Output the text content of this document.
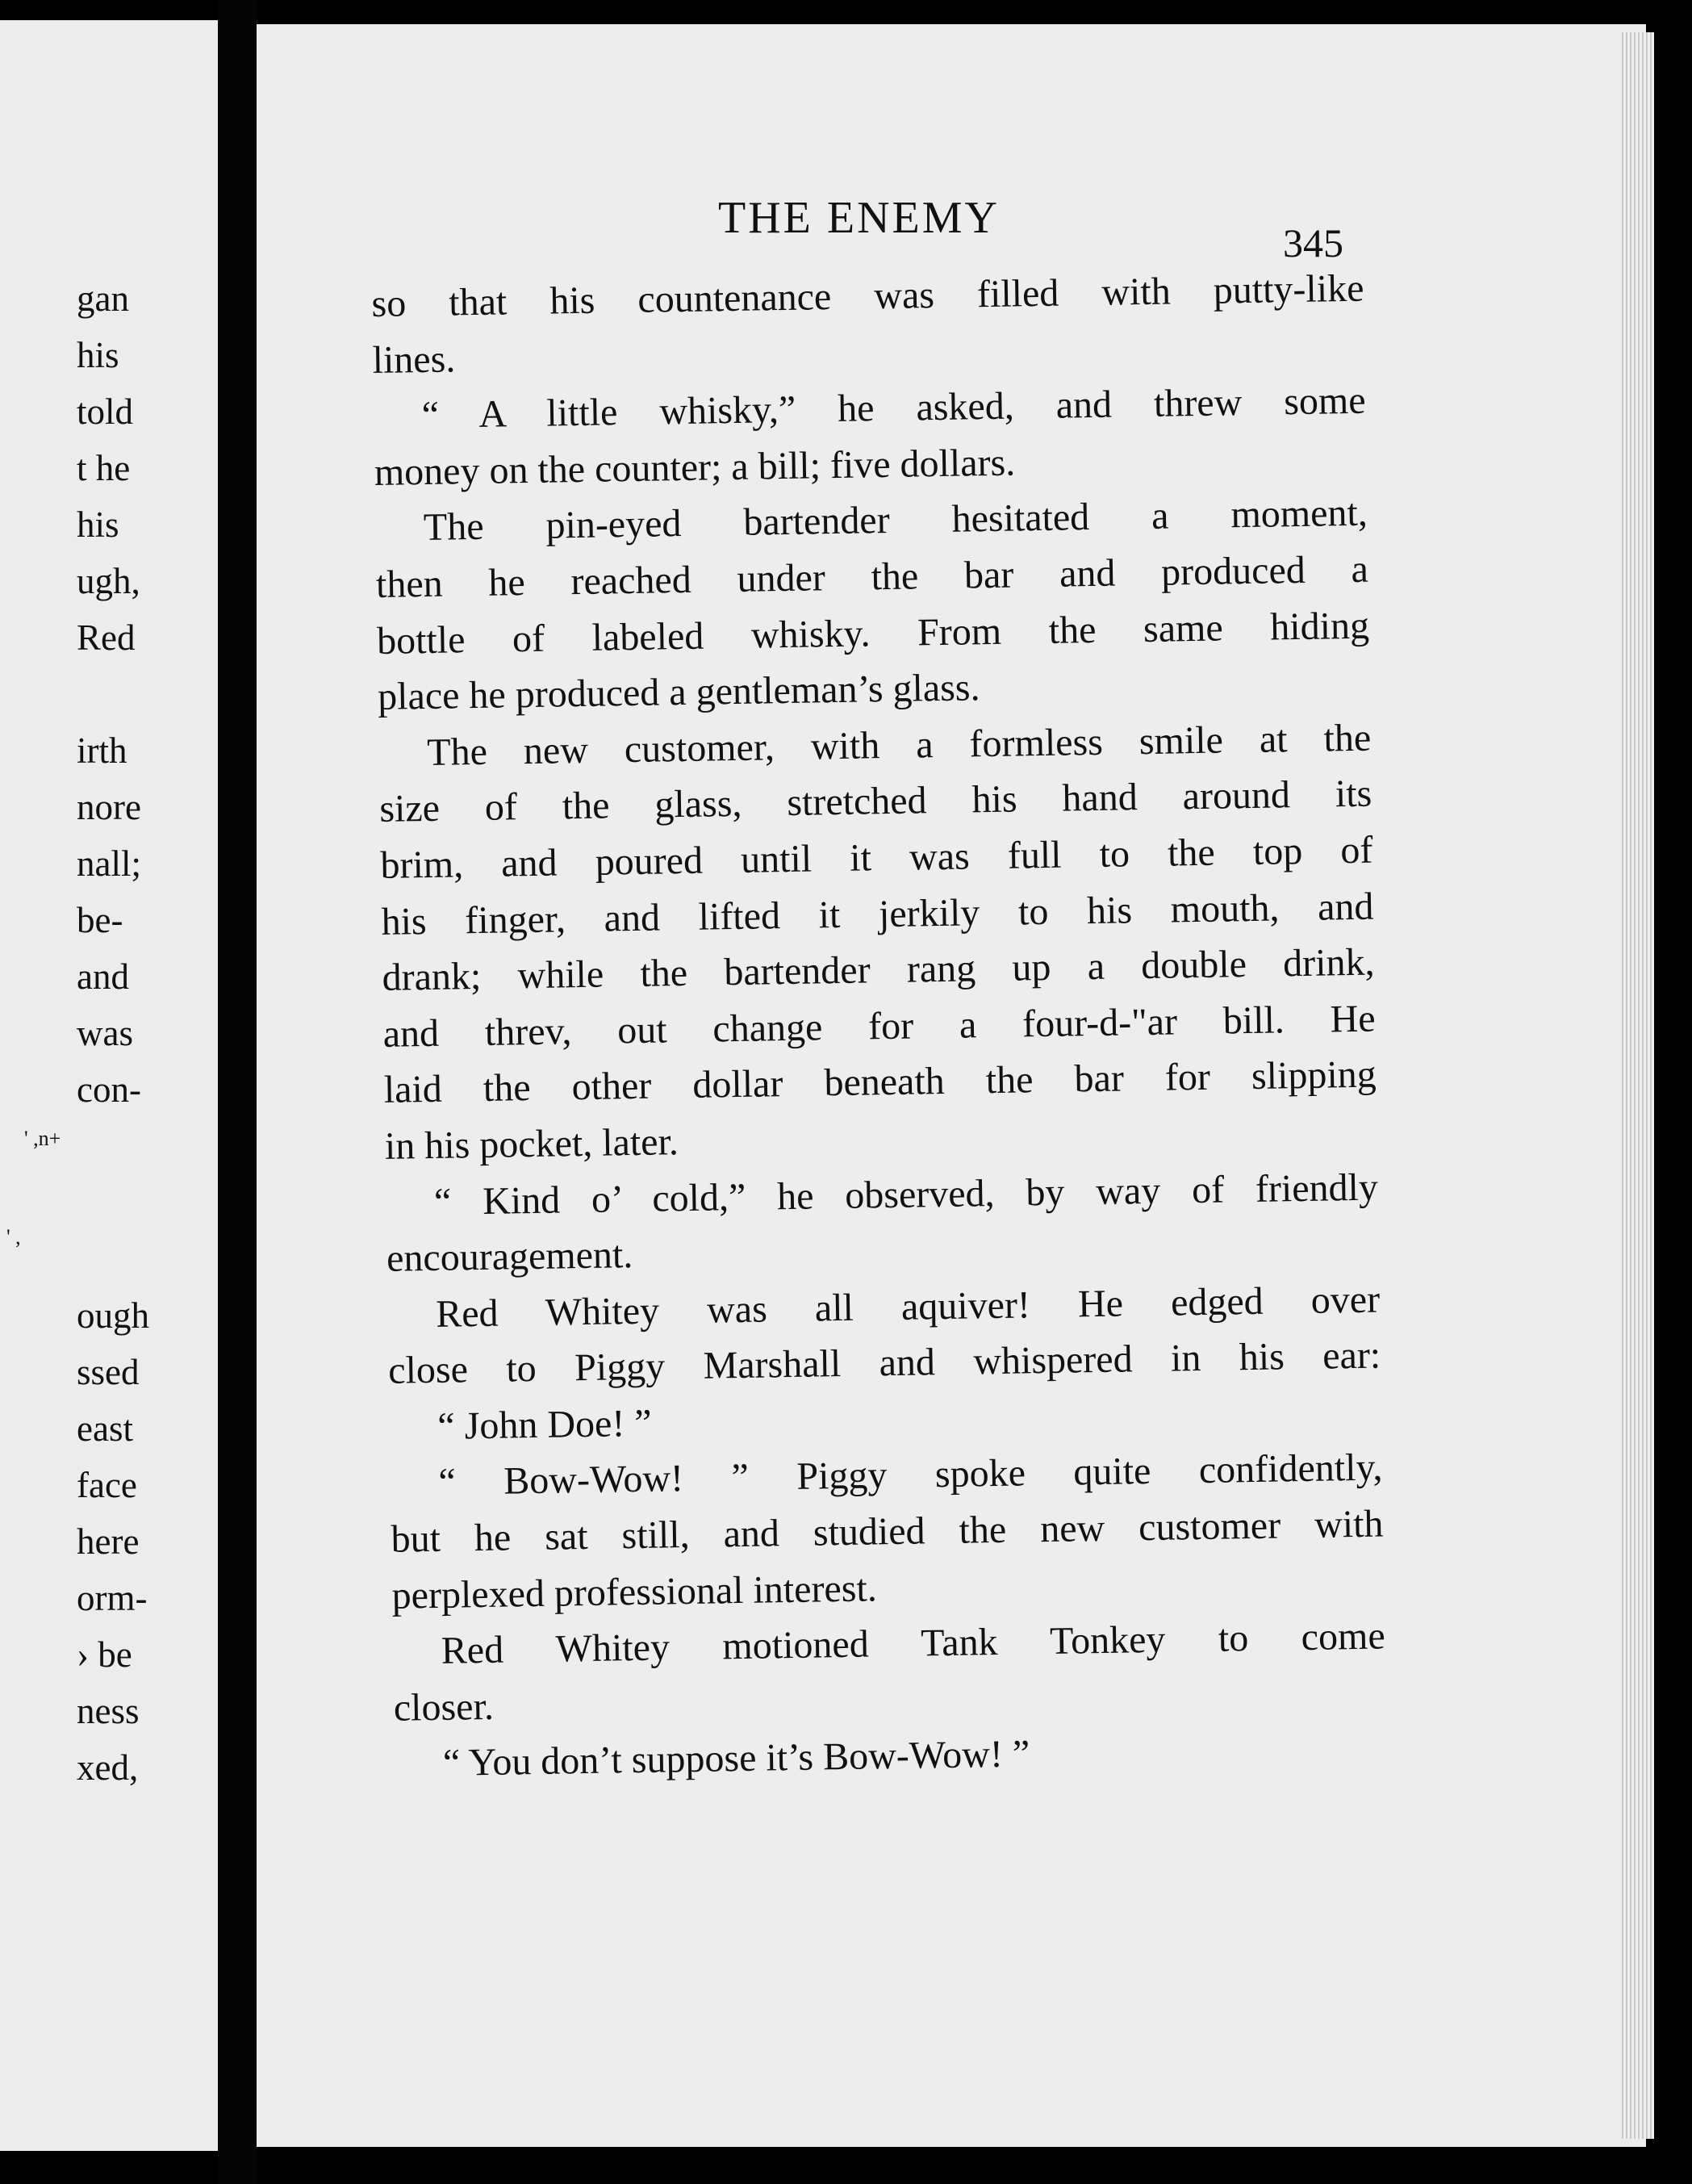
gan
his
told
t he
his
ugh,
Red
irth
nore
nall;
be-
and
was
con-
' ,n+
' ,
ough
ssed
east
face
here
orm-
› be
ness
xed,
THE ENEMY	345
so that his countenance was filled with putty-like
lines.
“ A little whisky,” he asked, and threw some
money on the counter; a bill; five dollars.
The pin-eyed bartender hesitated a moment,
then he reached under the bar and produced a
bottle of labeled whisky. From the same hiding
place he produced a gentleman’s glass.
The new customer, with a formless smile at the
size of the glass, stretched his hand around its
brim, and poured until it was full to the top of
his finger, and lifted it jerkily to his mouth, and
drank; while the bartender rang up a double drink,
and threv, out change for a four-d-"ar bill. He
laid the other dollar beneath the bar for slipping
in his pocket, later.
“ Kind o’ cold,” he observed, by way of friendly
encouragement.
Red Whitey was all aquiver! He edged over
close to Piggy Marshall and whispered in his ear:
“ John Doe! ”
“ Bow-Wow! ” Piggy spoke quite confidently,
but he sat still, and studied the new customer with
perplexed professional interest.
Red Whitey motioned Tank Tonkey to come
closer.
“ You don’t suppose it’s Bow-Wow! ”
